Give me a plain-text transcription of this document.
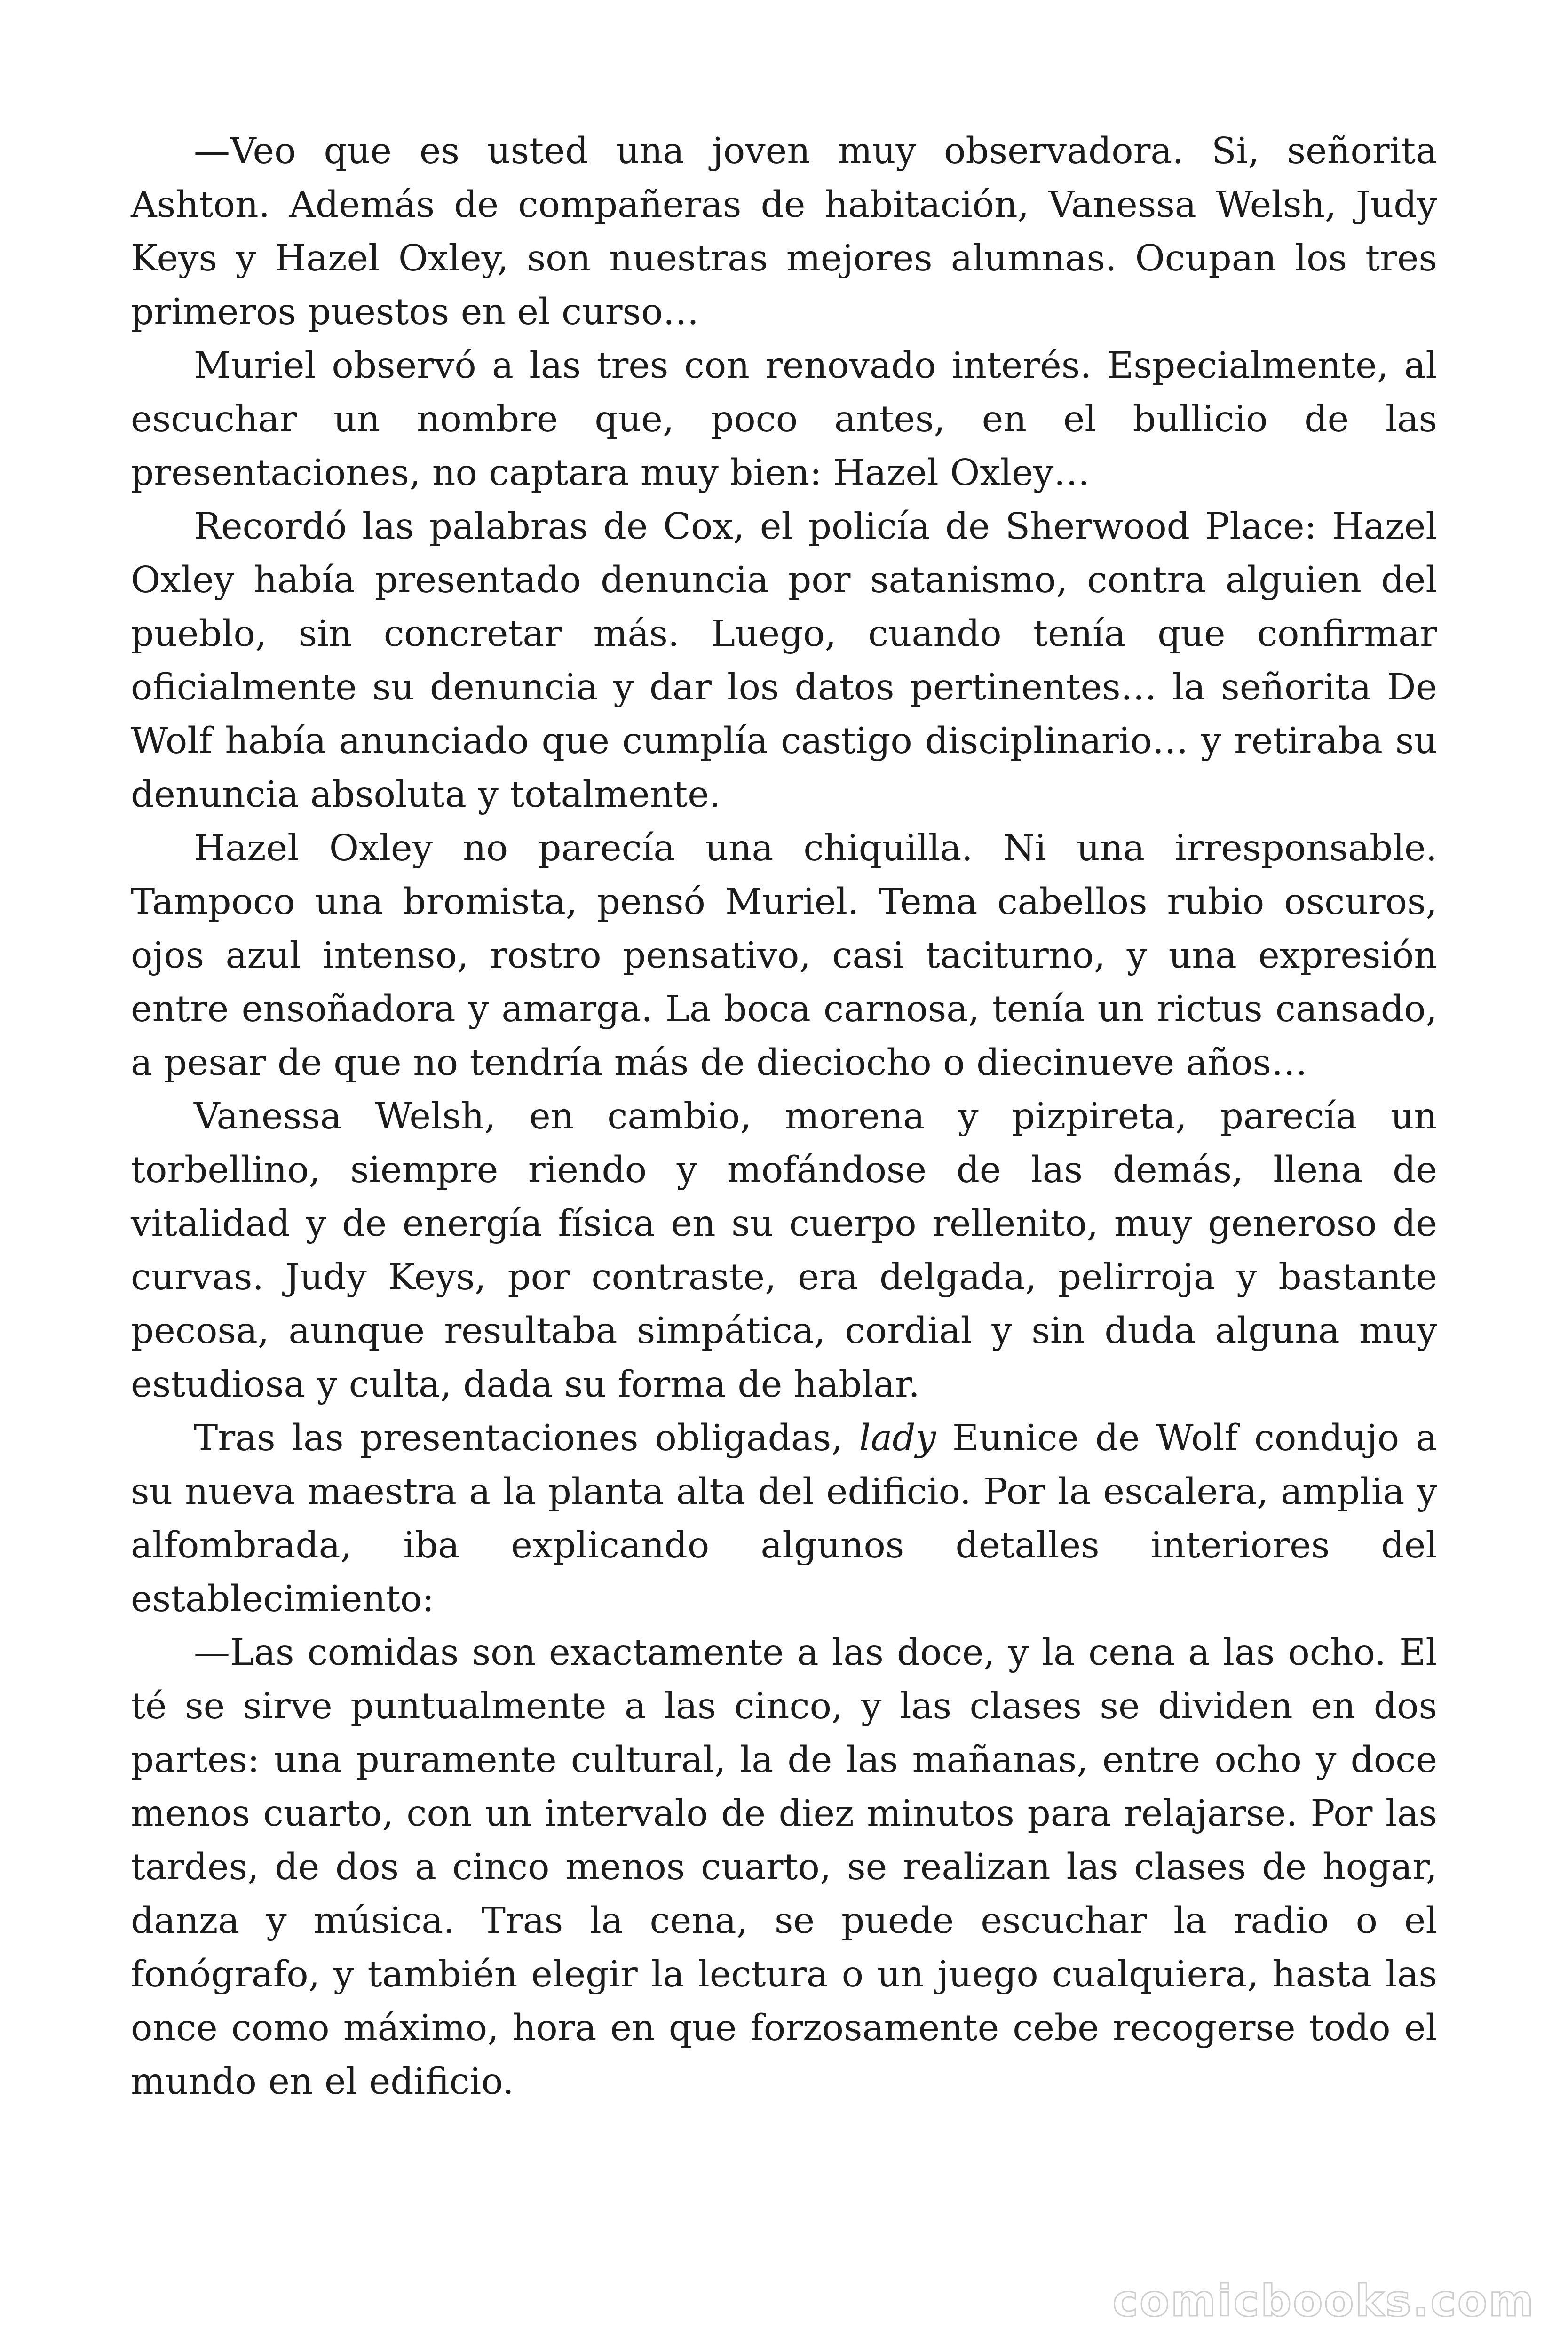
—Veo que es usted una joven muy observadora. Si, señorita Ashton. Además de compañeras de habitación, Vanessa Welsh, Judy Keys y Hazel Oxley, son nuestras mejores alumnas. Ocupan los tres primeros puestos en el curso…

Muriel observó a las tres con renovado interés. Especialmente, al escuchar un nombre que, poco antes, en el bullicio de las presentaciones, no captara muy bien: Hazel Oxley…

Recordó las palabras de Cox, el policía de Sherwood Place: Hazel Oxley había presentado denuncia por satanismo, contra alguien del pueblo, sin concretar más. Luego, cuando tenía que confirmar oficialmente su denuncia y dar los datos pertinentes… la señorita De Wolf había anunciado que cumplía castigo disciplinario… y retiraba su denuncia absoluta y totalmente.

Hazel Oxley no parecía una chiquilla. Ni una irresponsable. Tampoco una bromista, pensó Muriel. Tema cabellos rubio oscuros, ojos azul intenso, rostro pensativo, casi taciturno, y una expresión entre ensoñadora y amarga. La boca carnosa, tenía un rictus cansado, a pesar de que no tendría más de dieciocho o diecinueve años…

Vanessa Welsh, en cambio, morena y pizpireta, parecía un torbellino, siempre riendo y mofándose de las demás, llena de vitalidad y de energía física en su cuerpo rellenito, muy generoso de curvas. Judy Keys, por contraste, era delgada, pelirroja y bastante pecosa, aunque resultaba simpática, cordial y sin duda alguna muy estudiosa y culta, dada su forma de hablar.

Tras las presentaciones obligadas, lady Eunice de Wolf condujo a su nueva maestra a la planta alta del edificio. Por la escalera, amplia y alfombrada, iba explicando algunos detalles interiores del establecimiento:

—Las comidas son exactamente a las doce, y la cena a las ocho. El té se sirve puntualmente a las cinco, y las clases se dividen en dos partes: una puramente cultural, la de las mañanas, entre ocho y doce menos cuarto, con un intervalo de diez minutos para relajarse. Por las tardes, de dos a cinco menos cuarto, se realizan las clases de hogar, danza y música. Tras la cena, se puede escuchar la radio o el fonógrafo, y también elegir la lectura o un juego cualquiera, hasta las once como máximo, hora en que forzosamente cebe recogerse todo el mundo en el edificio.

comicbooks.com
